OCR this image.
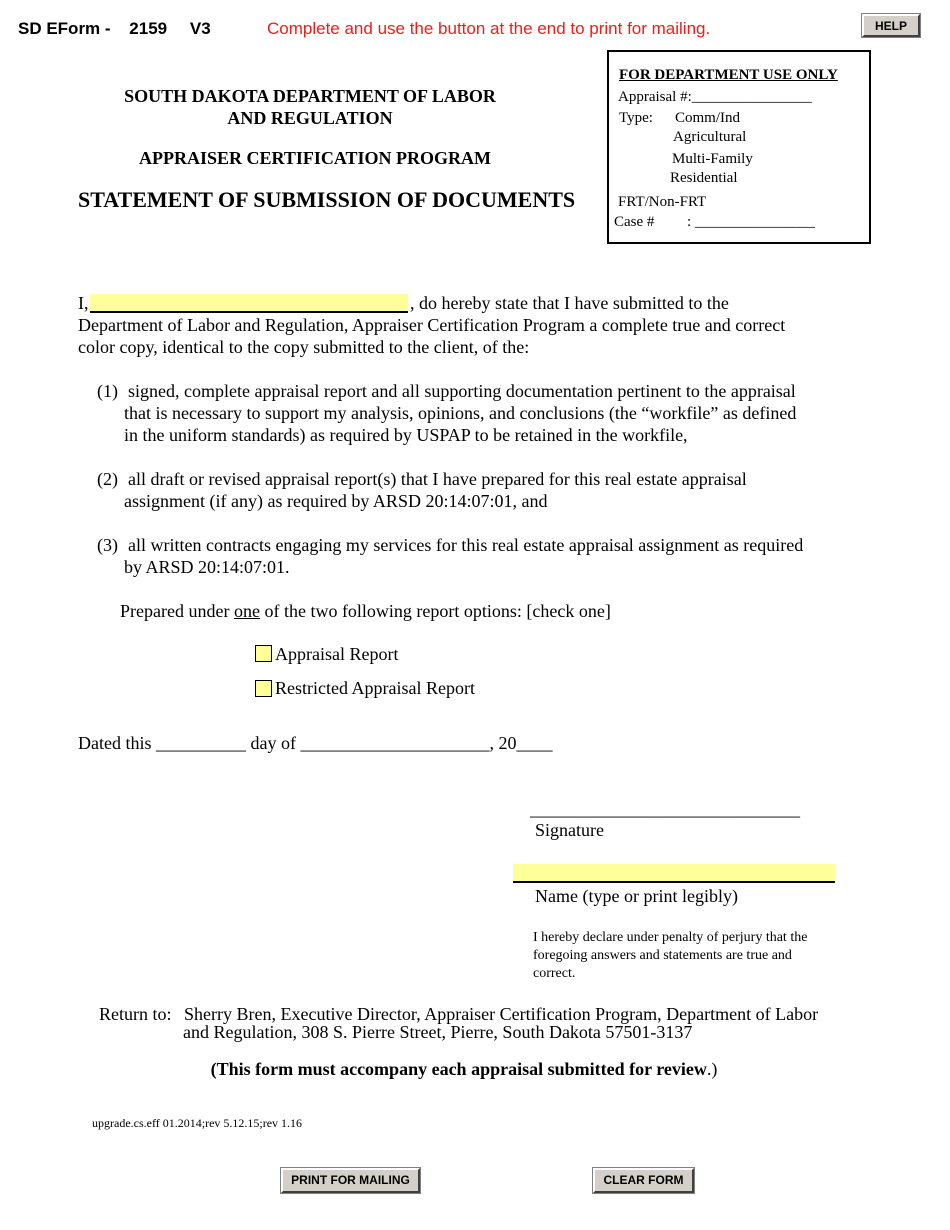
SD EForm - 2159 V3	Complete and use the button at the end to print for mailing.	HELP
SOUTH DAKOTA DEPARTMENT OF LABOR
AND REGULATION
APPRAISER CERTIFICATION PROGRAM
STATEMENT OF SUBMISSION OF DOCUMENTS
FOR DEPARTMENT USE ONLY
Appraisal #:________________
Type: Comm/Ind
Agricultural
Multi-Family
Residential
FRT/Non-FRT
Case # : ________________
I,	, do hereby state that I have submitted to the
Department of Labor and Regulation, Appraiser Certification Program a complete true and correct
color copy, identical to the copy submitted to the client, of the:
(1) signed, complete appraisal report and all supporting documentation pertinent to the appraisal
that is necessary to support my analysis, opinions, and conclusions (the “workfile” as defined
in the uniform standards) as required by USPAP to be retained in the workfile,
(2) all draft or revised appraisal report(s) that I have prepared for this real estate appraisal
assignment (if any) as required by ARSD 20:14:07:01, and
(3) all written contracts engaging my services for this real estate appraisal assignment as required
by ARSD 20:14:07:01.
Prepared under one of the two following report options: [check one]
Appraisal Report
Restricted Appraisal Report
Dated this __________ day of _____________________, 20____
______________________________
Signature
Name (type or print legibly)
I hereby declare under penalty of perjury that the
foregoing answers and statements are true and
correct.
Return to: Sherry Bren, Executive Director, Appraiser Certification Program, Department of Labor
and Regulation, 308 S. Pierre Street, Pierre, South Dakota 57501-3137
(This form must accompany each appraisal submitted for review.)
upgrade.cs.eff 01.2014;rev 5.12.15;rev 1.16
PRINT FOR MAILING	CLEAR FORM
